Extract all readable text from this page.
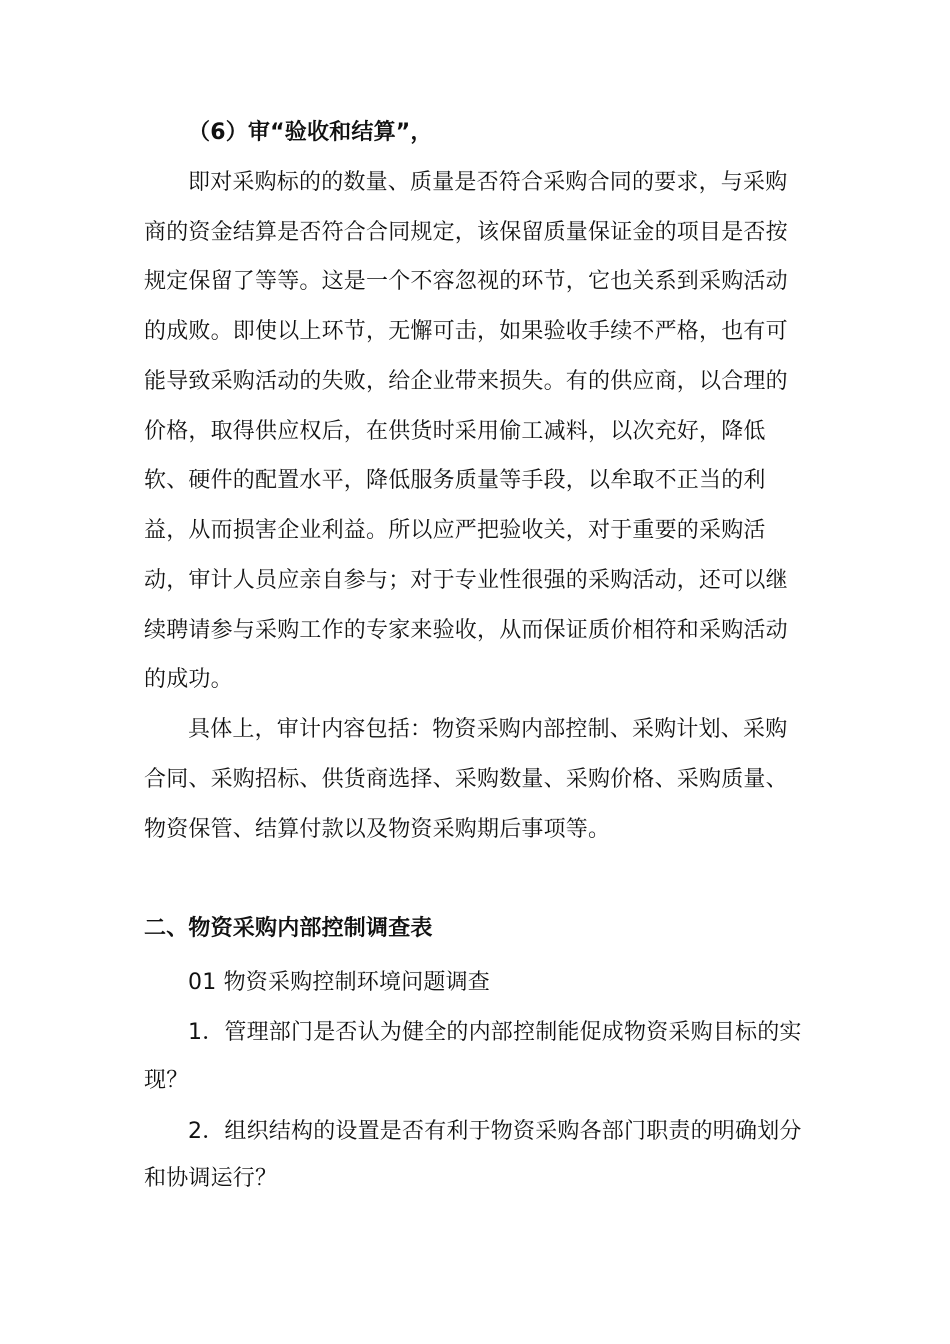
（6）审“验收和结算”，
即对采购标的的数量、质量是否符合采购合同的要求，与采购
商的资金结算是否符合合同规定，该保留质量保证金的项目是否按
规定保留了等等。这是一个不容忽视的环节，它也关系到采购活动
的成败。即使以上环节，无懈可击，如果验收手续不严格，也有可
能导致采购活动的失败，给企业带来损失。有的供应商，以合理的
价格，取得供应权后，在供货时采用偷工减料，以次充好，降低
软、硬件的配置水平，降低服务质量等手段，以牟取不正当的利
益，从而损害企业利益。所以应严把验收关，对于重要的采购活
动，审计人员应亲自参与；对于专业性很强的采购活动，还可以继
续聘请参与采购工作的专家来验收，从而保证质价相符和采购活动
的成功。
具体上，审计内容包括：物资采购内部控制、采购计划、采购
合同、采购招标、供货商选择、采购数量、采购价格、采购质量、
物资保管、结算付款以及物资采购期后事项等。
二、物资采购内部控制调查表
01 物资采购控制环境问题调查
1．管理部门是否认为健全的内部控制能促成物资采购目标的实
现？
2．组织结构的设置是否有利于物资采购各部门职责的明确划分
和协调运行？
